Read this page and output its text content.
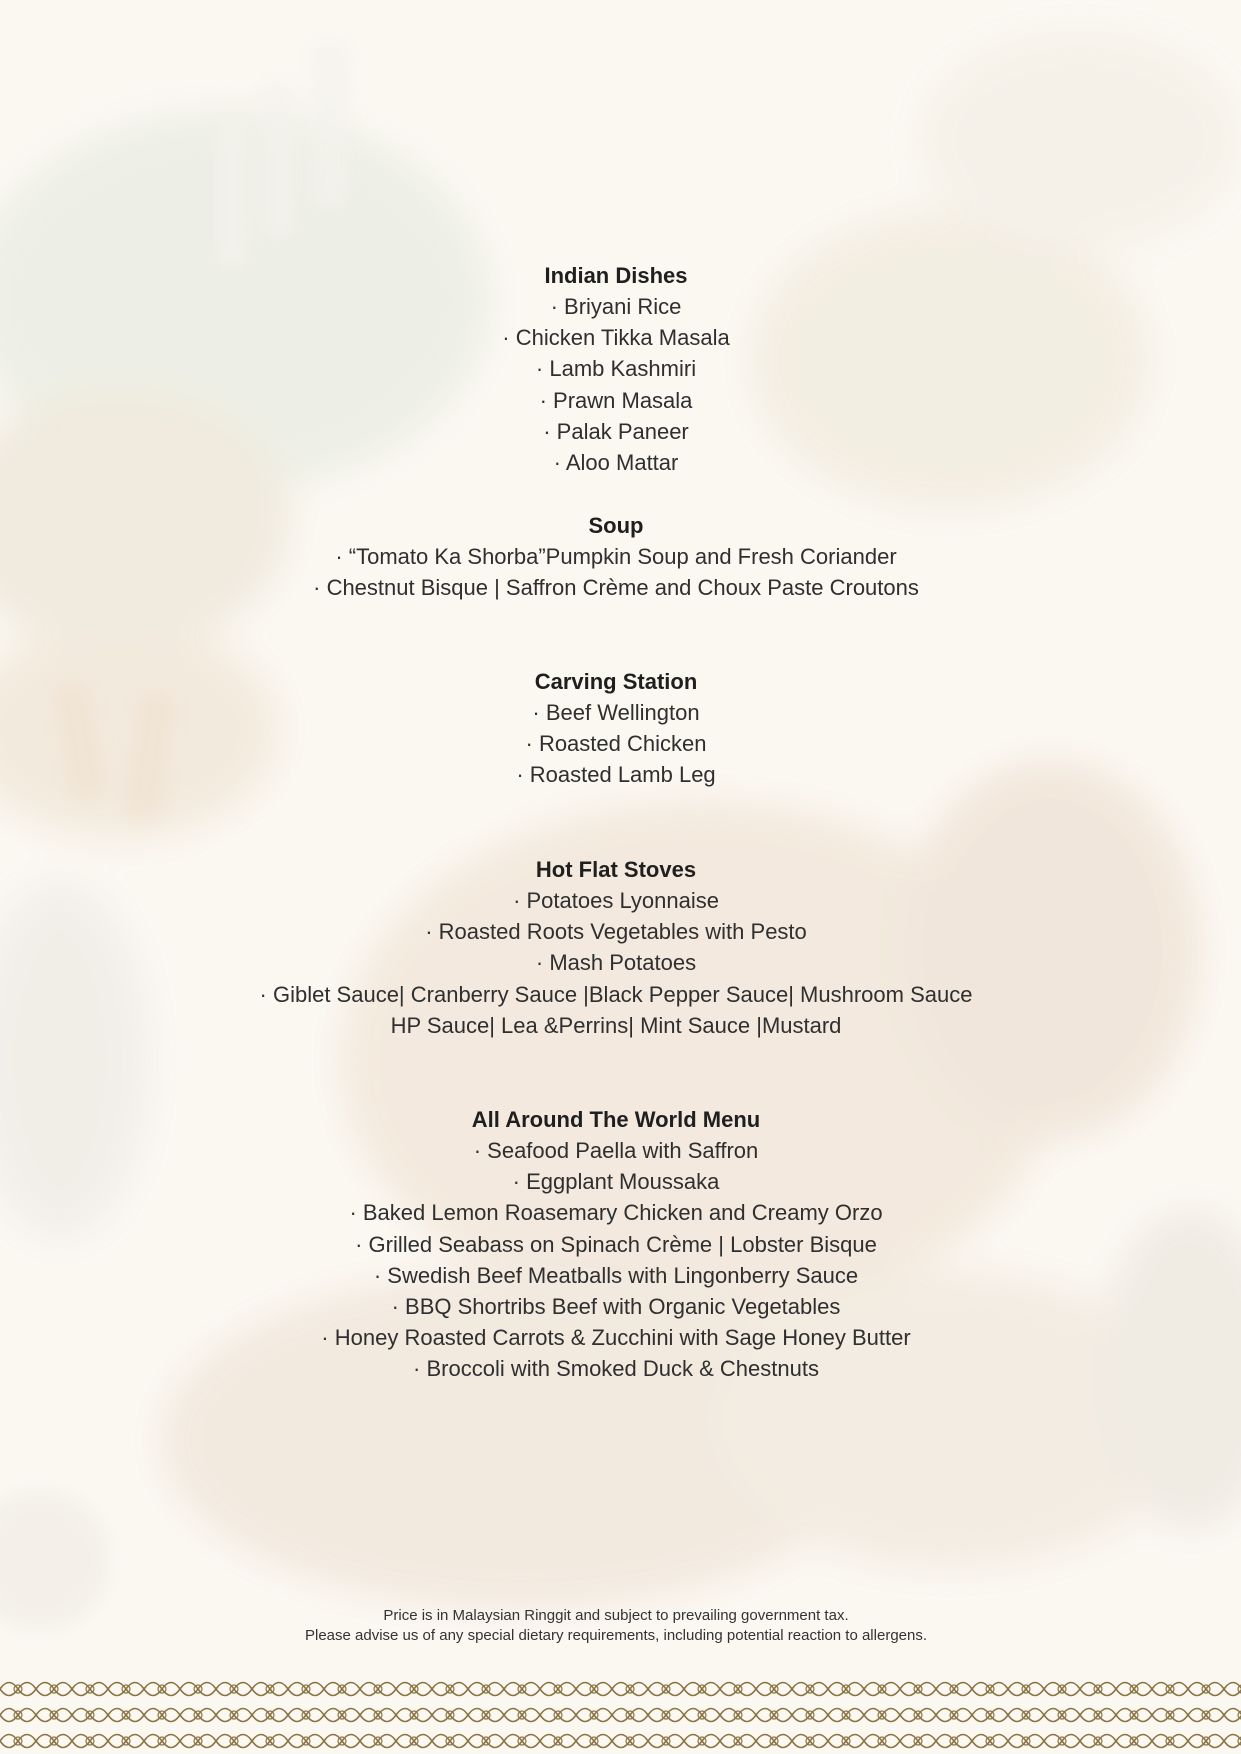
Indian Dishes
· Briyani Rice
· Chicken Tikka Masala
· Lamb Kashmiri
· Prawn Masala
· Palak Paneer
· Aloo Mattar
Soup
· “Tomato Ka Shorba”Pumpkin Soup and Fresh Coriander
· Chestnut Bisque | Saffron Crème and Choux Paste Croutons
Carving Station
· Beef Wellington
· Roasted Chicken
· Roasted Lamb Leg
Hot Flat Stoves
· Potatoes Lyonnaise
· Roasted Roots Vegetables with Pesto
· Mash Potatoes
· Giblet Sauce| Cranberry Sauce |Black Pepper Sauce| Mushroom Sauce
HP Sauce| Lea &Perrins| Mint Sauce |Mustard
All Around The World Menu
· Seafood Paella with Saffron
· Eggplant Moussaka
· Baked Lemon Roasemary Chicken and Creamy Orzo
· Grilled Seabass on Spinach Crème | Lobster Bisque
· Swedish Beef Meatballs with Lingonberry Sauce
· BBQ Shortribs Beef with Organic Vegetables
· Honey Roasted Carrots & Zucchini with Sage Honey Butter
· Broccoli with Smoked Duck & Chestnuts
Price is in Malaysian Ringgit and subject to prevailing government tax.
Please advise us of any special dietary requirements, including potential reaction to allergens.
